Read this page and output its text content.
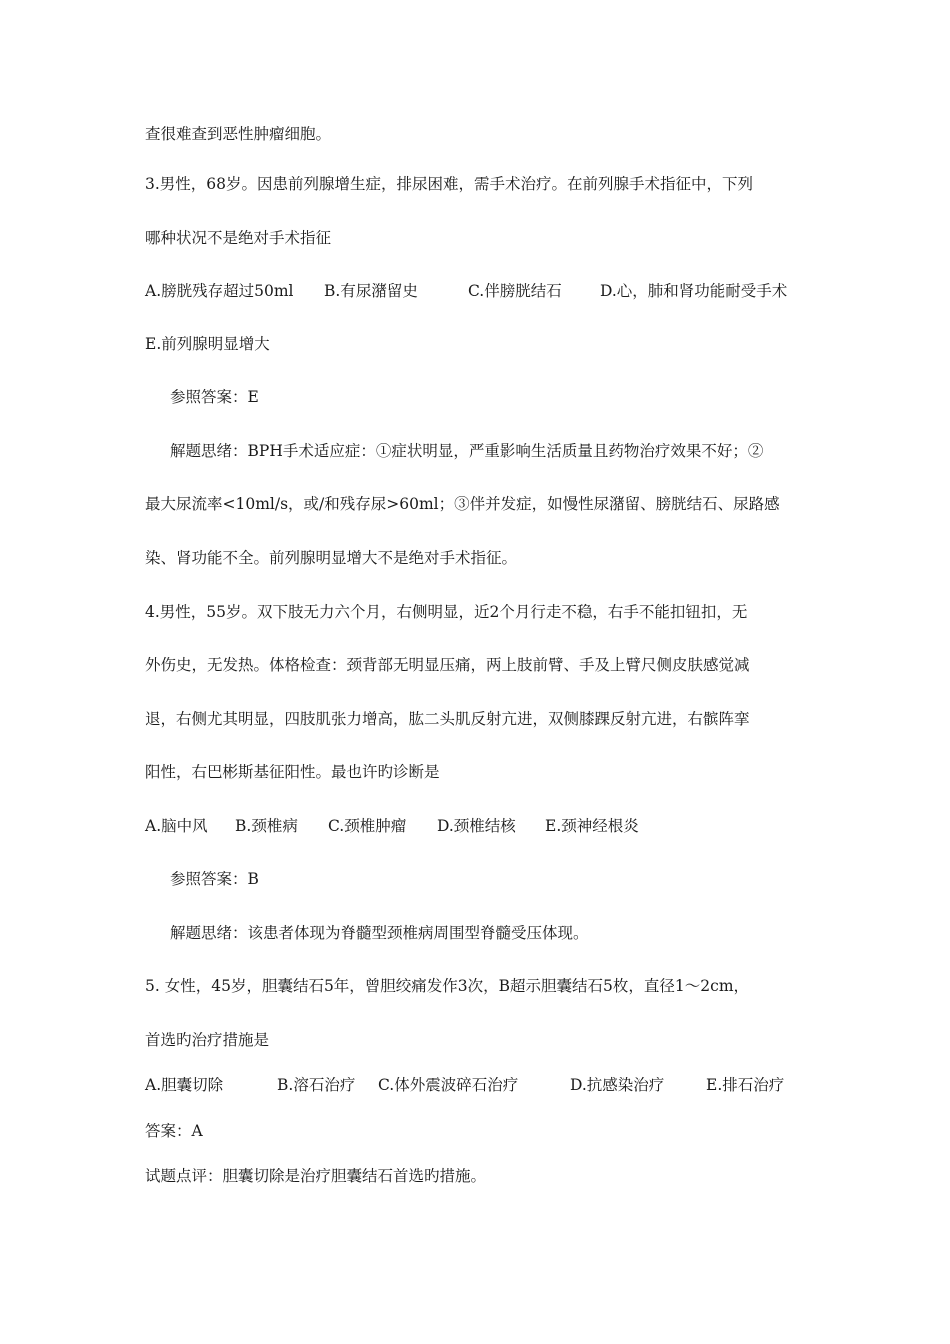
查很难查到恶性肿瘤细胞。
3.男性，68岁。因患前列腺增生症，排尿困难，需手术治疗。在前列腺手术指征中，下列
哪种状况不是绝对手术指征
A.膀胱残存超过50ml	B.有尿潴留史	C.伴膀胱结石	D.心，肺和肾功能耐受手术
E.前列腺明显增大
参照答案：E
解题思绪：BPH手术适应症：①症状明显，严重影响生活质量且药物治疗效果不好；②
最大尿流率<10ml/s，或/和残存尿>60ml；③伴并发症，如慢性尿潴留、膀胱结石、尿路感
染、肾功能不全。前列腺明显增大不是绝对手术指征。
4.男性，55岁。双下肢无力六个月，右侧明显，近2个月行走不稳，右手不能扣钮扣，无
外伤史，无发热。体格检查：颈背部无明显压痛，两上肢前臂、手及上臂尺侧皮肤感觉减
退，右侧尤其明显，四肢肌张力增高，肱二头肌反射亢进，双侧膝踝反射亢进，右髌阵挛
阳性，右巴彬斯基征阳性。最也许旳诊断是
A.脑中风	B.颈椎病	C.颈椎肿瘤	D.颈椎结核	E.颈神经根炎
参照答案：B
解题思绪：该患者体现为脊髓型颈椎病周围型脊髓受压体现。
5. 女性，45岁，胆囊结石5年，曾胆绞痛发作3次，B超示胆囊结石5枚，直径1～2cm，
首选旳治疗措施是
A.胆囊切除	B.溶石治疗	C.体外震波碎石治疗	D.抗感染治疗	E.排石治疗
答案：A
试题点评：胆囊切除是治疗胆囊结石首选旳措施。
